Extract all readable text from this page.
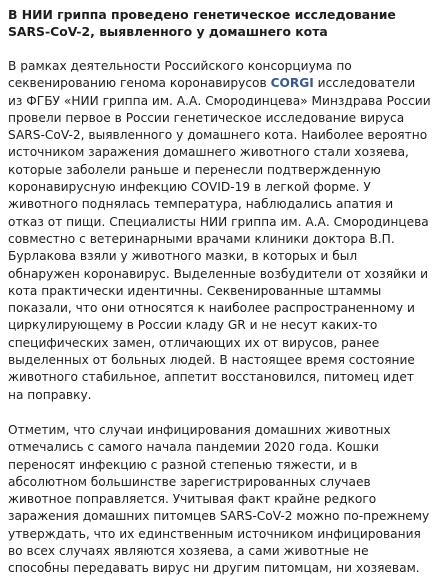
В НИИ гриппа проведено генетическое исследование SARS-CoV-2, выявленного у домашнего кота
В рамках деятельности Российского консорциума по секвенированию генома коронавирусов CORGI исследователи из ФГБУ «НИИ гриппа им. А.А. Смородинцева» Минздрава России провели первое в России генетическое исследование вируса SARS-CoV-2, выявленного у домашнего кота. Наиболее вероятно источником заражения домашнего животного стали хозяева, которые заболели раньше и перенесли подтвержденную коронавирусную инфекцию COVID-19 в легкой форме. У животного поднялась температура, наблюдались апатия и отказ от пищи. Специалисты НИИ гриппа им. А.А. Смородинцева совместно с ветеринарными врачами клиники доктора В.П. Бурлакова взяли у животного мазки, в которых и был обнаружен коронавирус. Выделенные возбудители от хозяйки и кота практически идентичны. Секвенированные штаммы показали, что они относятся к наиболее распространенному и циркулирующему в России кладу GR и не несут каких-то специфических замен, отличающих их от вирусов, ранее выделенных от больных людей. В настоящее время состояние животного стабильное, аппетит восстановился, питомец идет на поправку.
Отметим, что случаи инфицирования домашних животных отмечались с самого начала пандемии 2020 года. Кошки переносят инфекцию с разной степенью тяжести, и в абсолютном большинстве зарегистрированных случаев животное поправляется. Учитывая факт крайне редкого заражения домашних питомцев SARS-CoV-2 можно по-прежнему утверждать, что их единственным источником инфицирования во всех случаях являются хозяева, а сами животные не способны передавать вирус ни другим питомцам, ни хозяевам.
